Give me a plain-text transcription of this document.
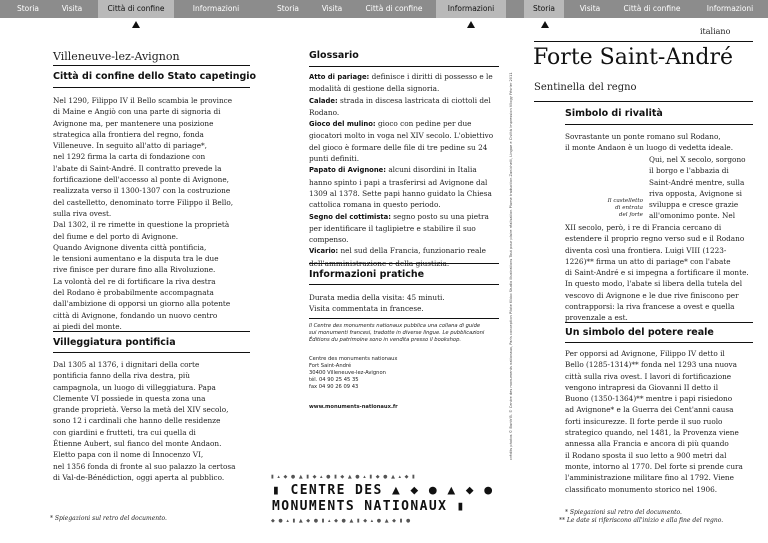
Storia	Visita	Città di confine	Informazioni	Storia	Visita	Città di confine	Informazioni	Storia	Visita	Città di confine	Informazioni
Villeneuve-lez-Avignon
Città di confine dello Stato capetingio
Nel 1290, Filippo IV il Bello scambia le province
di Maine e Angiò con una parte di signoria di
Avignone ma, per mantenere una posizione
strategica alla frontiera del regno, fonda
Villeneuve. In seguito all'atto di pariage*,
nel 1292 firma la carta di fondazione con
l'abate di Saint-André. Il contratto prevede la
fortificazione dell'accesso al ponte di Avignone,
realizzata verso il 1300-1307 con la costruzione
del castelletto, denominato torre Filippo il Bello,
sulla riva ovest.
Dal 1302, il re rimette in questione la proprietà
del fiume e del porto di Avignone.
Quando Avignone diventa città pontificia,
le tensioni aumentano e la disputa tra le due
rive finisce per durare fino alla Rivoluzione.
La volontà del re di fortificare la riva destra
del Rodano è probabilmente accompagnata
dall'ambizione di opporsi un giorno alla potente
città di Avignone, fondando un nuovo centro
ai piedi del monte.
Villeggiatura pontificia
Dal 1305 al 1376, i dignitari della corte
pontificia fanno della riva destra, più
campagnola, un luogo di villeggiatura. Papa
Clemente VI possiede in questa zona una
grande proprietà. Verso la metà del XIV secolo,
sono 12 i cardinali che hanno delle residenze
con giardini e frutteti, tra cui quella di
Étienne Aubert, sul fianco del monte Andaon.
Eletto papa con il nome di Innocenzo VI,
nel 1356 fonda di fronte al suo palazzo la certosa
di Val-de-Bénédiction, oggi aperta al pubblico.
* Spiegazioni sul retro del documento.
Glossario
Atto di pariage: definisce i diritti di possesso e le modalità di gestione della signoria.
Calade: strada in discesa lastricata di ciottoli del Rodano.
Gioco del mulino: gioco con pedine per due giocatori molto in voga nel XIV secolo. L'obiettivo del gioco è formare delle file di tre pedine su 24 punti definiti.
Papato di Avignone: alcuni disordini in Italia hanno spinto i papi a trasferirsi ad Avignone dal 1309 al 1378. Sette papi hanno guidato la Chiesa cattolica romana in questo periodo.
Segno del cottimista: segno posto su una pietra per identificare il taglipietre e stabilire il suo compenso.
Vicario: nel sud della Francia, funzionario reale dell'amministrazione e della giustizia.
Informazioni pratiche
Durata media della visita: 45 minuti.
Visita commentata in francese.
Il Centre des monuments nationaux pubblica una collana di guide
sui monumenti francesi, tradotte in diverse lingue. Le pubblicazioni
Éditions du patrimoine sono in vendita presso il bookshop.
Centre des monuments nationaux
Fort Saint-André
30400 Villeneuve-lez-Avignon
tél. 04 90 25 45 35
fax 04 90 26 09 43
www.monuments-nationaux.fr
▮ ▴ ◆ ● ▲ ▮ ◆ ▴ ● ▮ ◆ ▲ ● ▴ ▮ ◆ ● ▲ ▴ ◆ ▮
▮ CENTRE DES ▲ ◆ ● ▲ ◆ ●
MONUMENTS NATIONAUX ▮
◆ ● ▴ ▮ ▲ ◆ ● ▮ ▴ ◆ ● ▲ ▮ ◆ ▴ ● ▲ ◆ ▮ ●
crédits photos © Barth'B. © Centre des monuments nationaux, Paris conception Pilote Kikko Studio illustrations Tout pour plaire réalisation Plume traduction Zanichelli, Lingue e Civiltà impression Vilogy Février 2011
italiano
Forte Saint-André
Sentinella del regno
Simbolo di rivalità
Sovrastante un ponte romano sul Rodano,
il monte Andaon è un luogo di vedetta ideale.
Qui, nel X secolo, sorgono
il borgo e l'abbazia di
Saint-André mentre, sulla
riva opposta, Avignone si
sviluppa e cresce grazie
all'omonimo ponte. Nel
Il castelletto
di entrata
del forte
XII secolo, però, i re di Francia cercano di
estendere il proprio regno verso sud e il Rodano
diventa così una frontiera. Luigi VIII (1223-
1226)** firma un atto di pariage* con l'abate
di Saint-André e si impegna a fortificare il monte.
In questo modo, l'abate si libera della tutela del
vescovo di Avignone e le due rive finiscono per
contrapporsi: la riva francese a ovest e quella
provenzale a est.
Un simbolo del potere reale
Per opporsi ad Avignone, Filippo IV detto il
Bello (1285-1314)** fonda nel 1293 una nuova
città sulla riva ovest. I lavori di fortificazione
vengono intrapresi da Giovanni II detto il
Buono (1350-1364)** mentre i papi risiedono
ad Avignone* e la Guerra dei Cent'anni causa
forti insicurezze. Il forte perde il suo ruolo
strategico quando, nel 1481, la Provenza viene
annessa alla Francia e ancora di più quando
il Rodano sposta il suo letto a 900 metri dal
monte, intorno al 1770. Del forte si prende cura
l'amministrazione militare fino al 1792. Viene
classificato monumento storico nel 1906.
* Spiegazioni sul retro del documento.
** Le date si riferiscono all'inizio e alla fine del regno.
